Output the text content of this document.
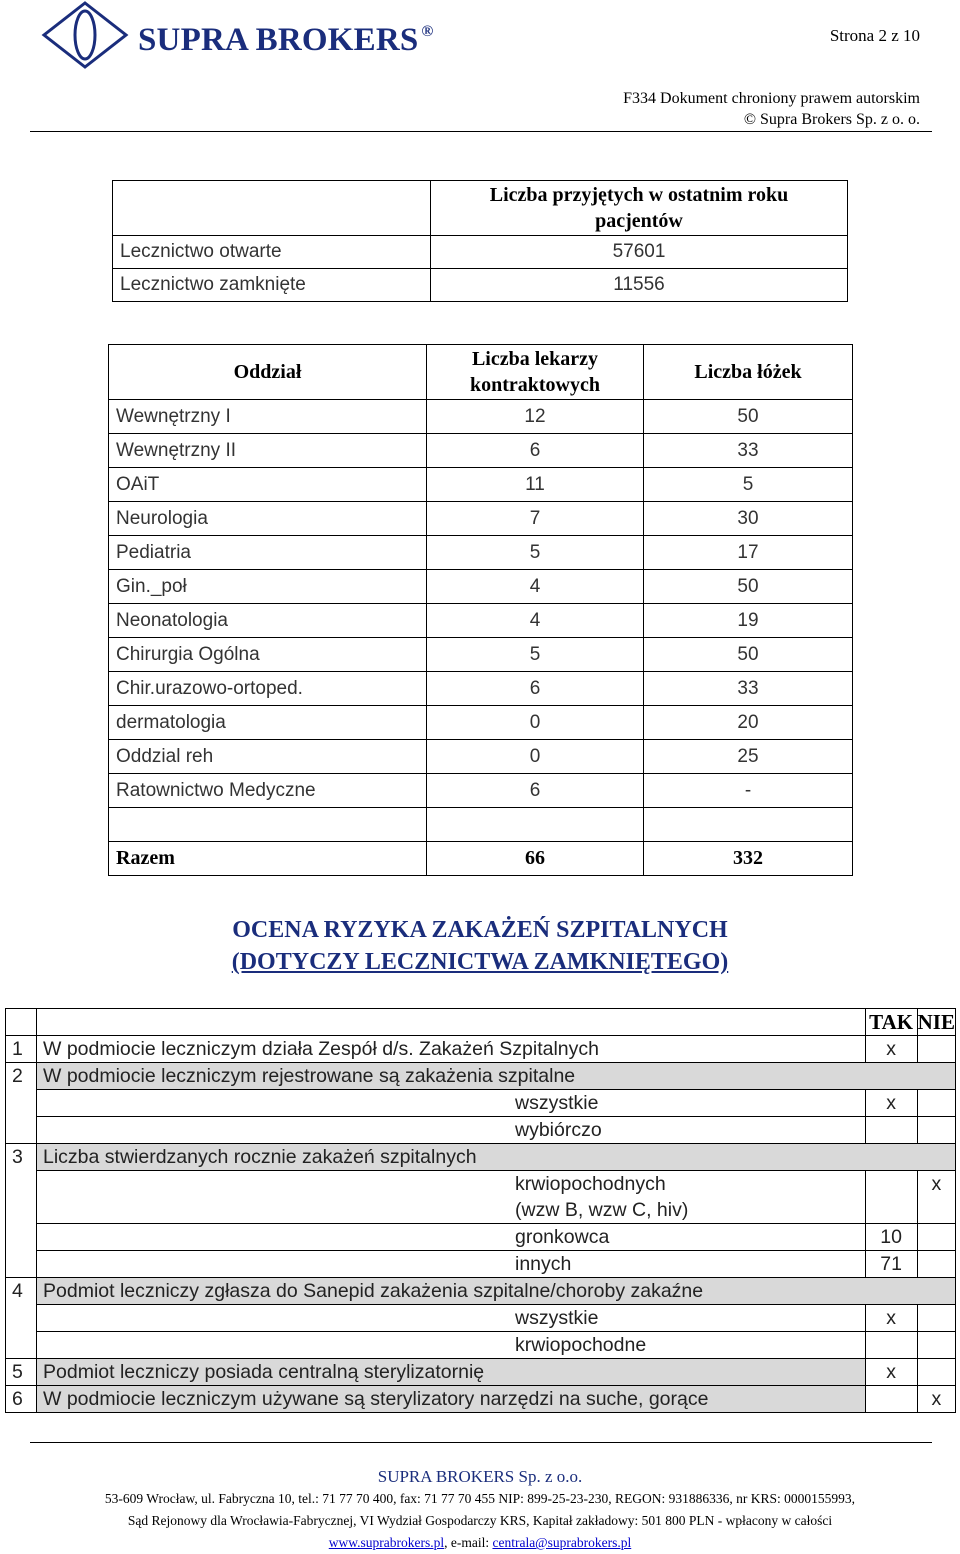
SUPRA BROKERS ®	Strona 2 z 10
F334 Dokument chroniony prawem autorskim
© Supra Brokers Sp. z o. o.
	Liczba przyjętych w ostatnim roku pacjentów
Lecznictwo otwarte	57601
Lecznictwo zamknięte	11556
Oddział	Liczba lekarzy kontraktowych	Liczba łóżek
Wewnętrzny I	12	50
Wewnętrzny II	6	33
OAiT	11	5
Neurologia	7	30
Pediatria	5	17
Gin._poł	4	50
Neonatologia	4	19
Chirurgia Ogólna	5	50
Chir.urazowo-ortoped.	6	33
dermatologia	0	20
Oddzial reh	0	25
Ratownictwo Medyczne	6	-

Razem	66	332
OCENA RYZYKA ZAKAŻEŃ SZPITALNYCH
(DOTYCZY LECZNICTWA ZAMKNIĘTEGO)
		TAK	NIE
1	W podmiocie leczniczym działa Zespół d/s. Zakażeń Szpitalnych	x	
2	W podmiocie leczniczym rejestrowane są zakażenia szpitalne		
	wszystkie	x	
	wybiórczo		
3	Liczba stwierdzanych rocznie zakażeń szpitalnych		
	krwiopochodnych		x
	(wzw B, wzw C, hiv)		
	gronkowca	10	
	innych	71	
4	Podmiot leczniczy zgłasza do Sanepid zakażenia szpitalne/choroby zakaźne		
	wszystkie	x	
	krwiopochodne		
5	Podmiot leczniczy posiada centralną sterylizatornię	x	
6	W podmiocie leczniczym używane są sterylizatory narzędzi na suche, gorące		x
SUPRA BROKERS Sp. z o.o.
53-609 Wrocław, ul. Fabryczna 10, tel.: 71 77 70 400, fax: 71 77 70 455 NIP: 899-25-23-230, REGON: 931886336, nr KRS: 0000155993,
Sąd Rejonowy dla Wrocławia-Fabrycznej, VI Wydział Gospodarczy KRS, Kapitał zakładowy: 501 800 PLN - wpłacony w całości
www.suprabrokers.pl, e-mail: centrala@suprabrokers.pl
